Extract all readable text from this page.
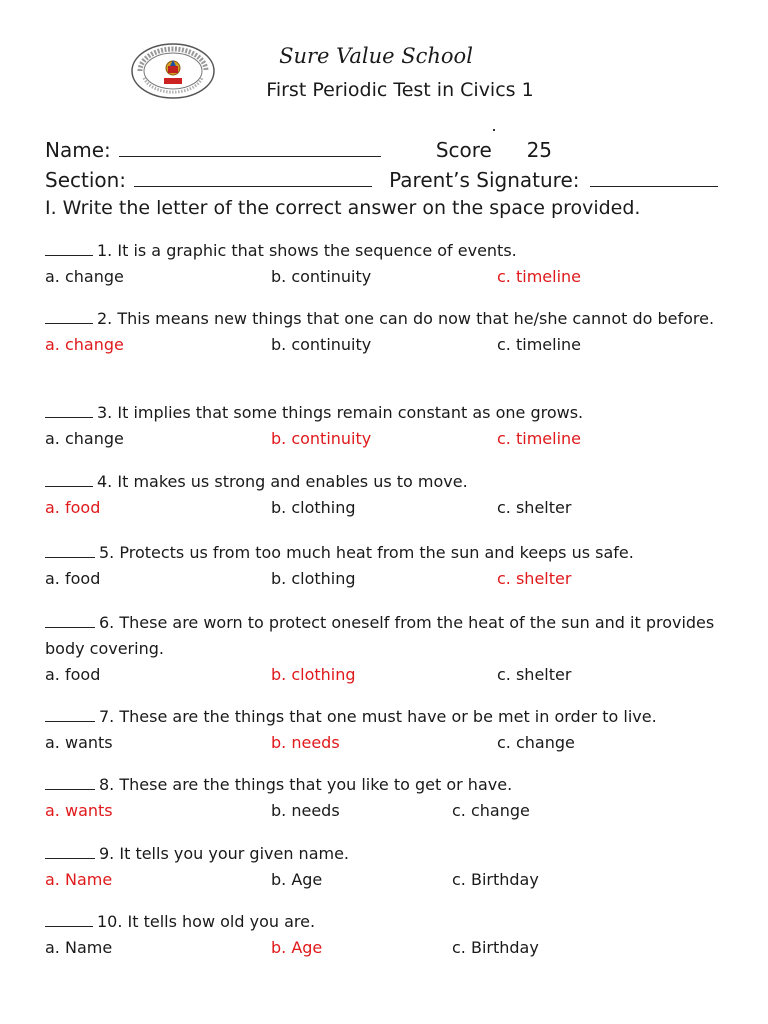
Sure Value School
First Periodic Test in Civics 1
Name:	Score 25
Section:	Parent’s Signature:
I. Write the letter of the correct answer on the space provided.
1. It is a graphic that shows the sequence of events.
a. change	b. continuity	c. timeline
2. This means new things that one can do now that he/she cannot do before.
a. change	b. continuity	c. timeline
3. It implies that some things remain constant as one grows.
a. change	b. continuity	c. timeline
4. It makes us strong and enables us to move.
a. food	b. clothing	c. shelter
5. Protects us from too much heat from the sun and keeps us safe.
a. food	b. clothing	c. shelter
6. These are worn to protect oneself from the heat of the sun and it provides body covering.
a. food	b. clothing	c. shelter
7. These are the things that one must have or be met in order to live.
a. wants	b. needs	c. change
8. These are the things that you like to get or have.
a. wants	b. needs	c. change
9. It tells you your given name.
a. Name	b. Age	c. Birthday
10. It tells how old you are.
a. Name	b. Age	c. Birthday
